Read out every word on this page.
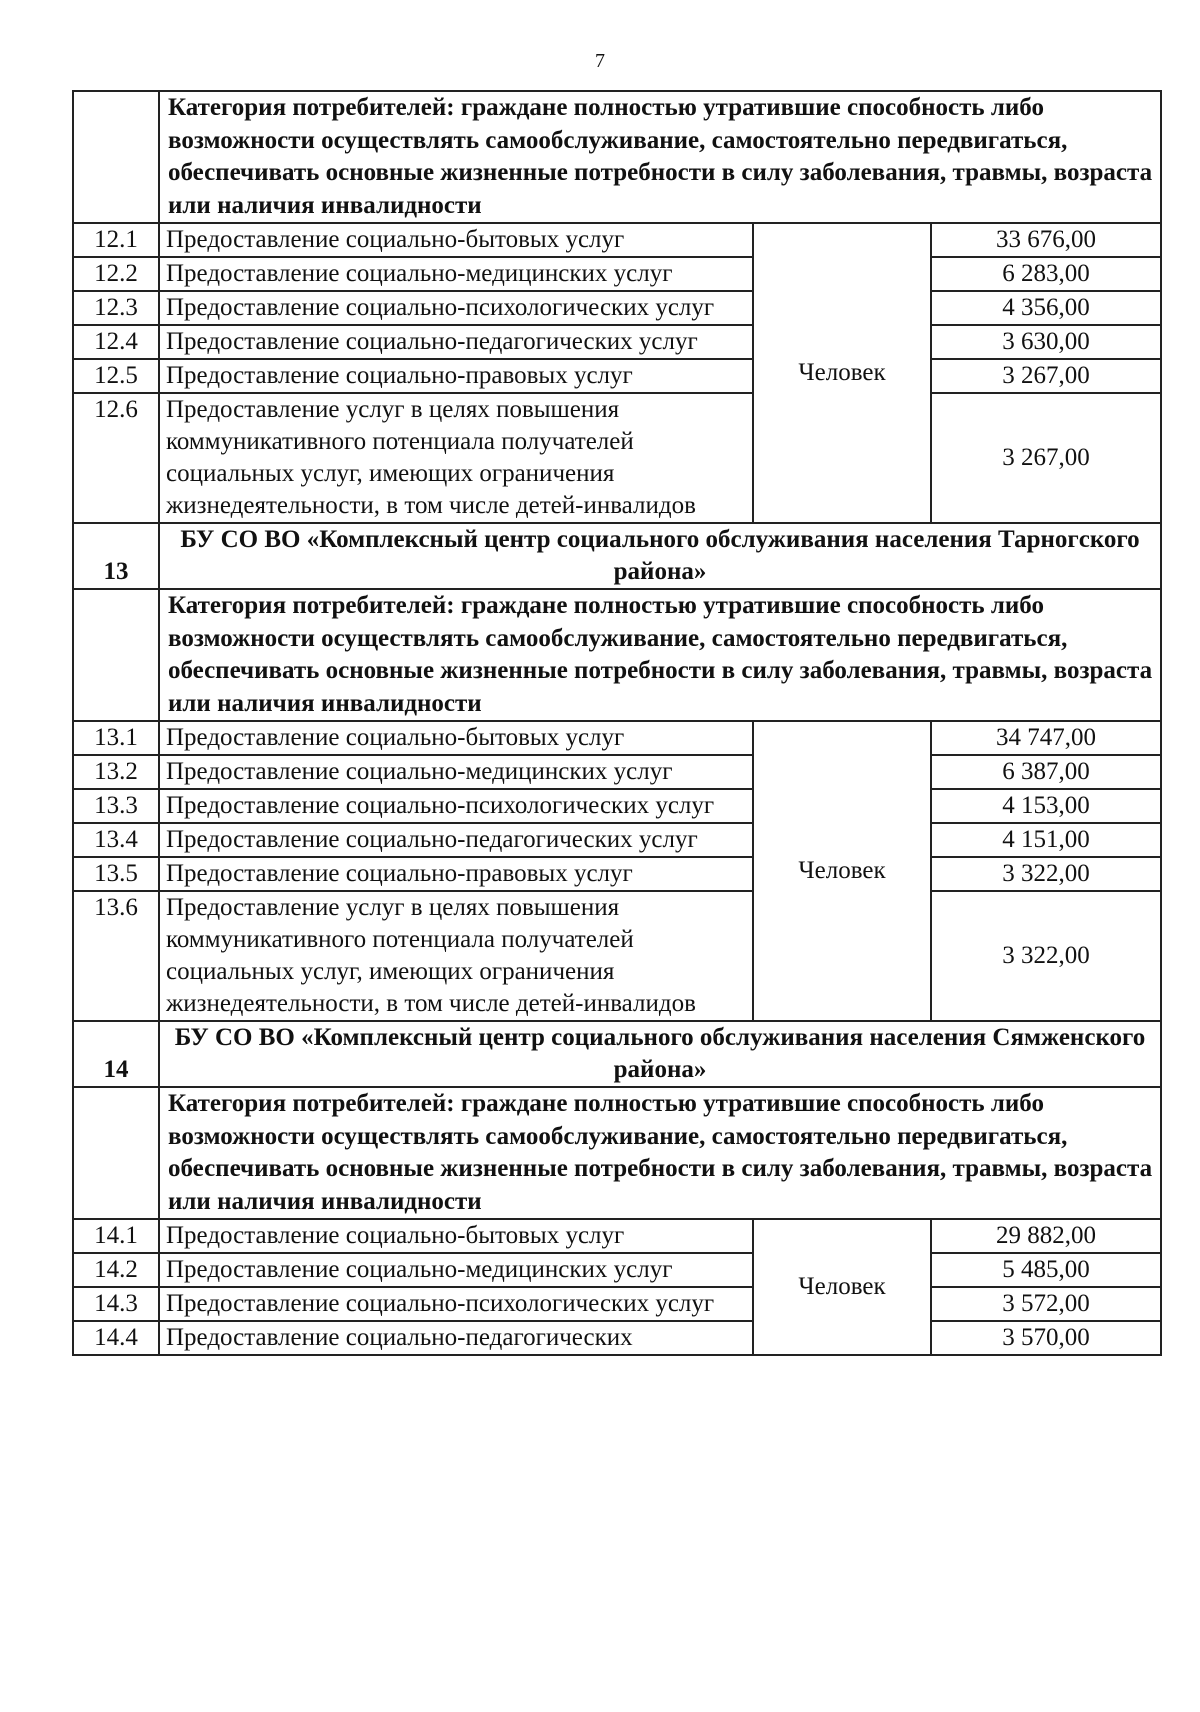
7
	Категория потребителей: граждане полностью утратившие способность либо возможности осуществлять самообслуживание, самостоятельно передвигаться, обеспечивать основные жизненные потребности в силу заболевания, травмы, возраста или наличия инвалидности		
12.1	Предоставление социально-бытовых услуг	Человек	33 676,00
12.2	Предоставление социально-медицинских услуг		6 283,00
12.3	Предоставление социально-психологических услуг		4 356,00
12.4	Предоставление социально-педагогических услуг		3 630,00
12.5	Предоставление социально-правовых услуг		3 267,00
12.6	Предоставление услуг в целях повышения коммуникативного потенциала получателей социальных услуг, имеющих ограничения жизнедеятельности, в том числе детей-инвалидов		3 267,00
13	БУ СО ВО «Комплексный центр социального обслуживания населения Тарногского района»		
	Категория потребителей: граждане полностью утратившие способность либо возможности осуществлять самообслуживание, самостоятельно передвигаться, обеспечивать основные жизненные потребности в силу заболевания, травмы, возраста или наличия инвалидности		
13.1	Предоставление социально-бытовых услуг	Человек	34 747,00
13.2	Предоставление социально-медицинских услуг		6 387,00
13.3	Предоставление социально-психологических услуг		4 153,00
13.4	Предоставление социально-педагогических услуг		4 151,00
13.5	Предоставление социально-правовых услуг		3 322,00
13.6	Предоставление услуг в целях повышения коммуникативного потенциала получателей социальных услуг, имеющих ограничения жизнедеятельности, в том числе детей-инвалидов		3 322,00
14	БУ СО ВО «Комплексный центр социального обслуживания населения Сямженского района»		
	Категория потребителей: граждане полностью утратившие способность либо возможности осуществлять самообслуживание, самостоятельно передвигаться, обеспечивать основные жизненные потребности в силу заболевания, травмы, возраста или наличия инвалидности		
14.1	Предоставление социально-бытовых услуг	Человек	29 882,00
14.2	Предоставление социально-медицинских услуг		5 485,00
14.3	Предоставление социально-психологических услуг		3 572,00
14.4	Предоставление социально-педагогических		3 570,00
